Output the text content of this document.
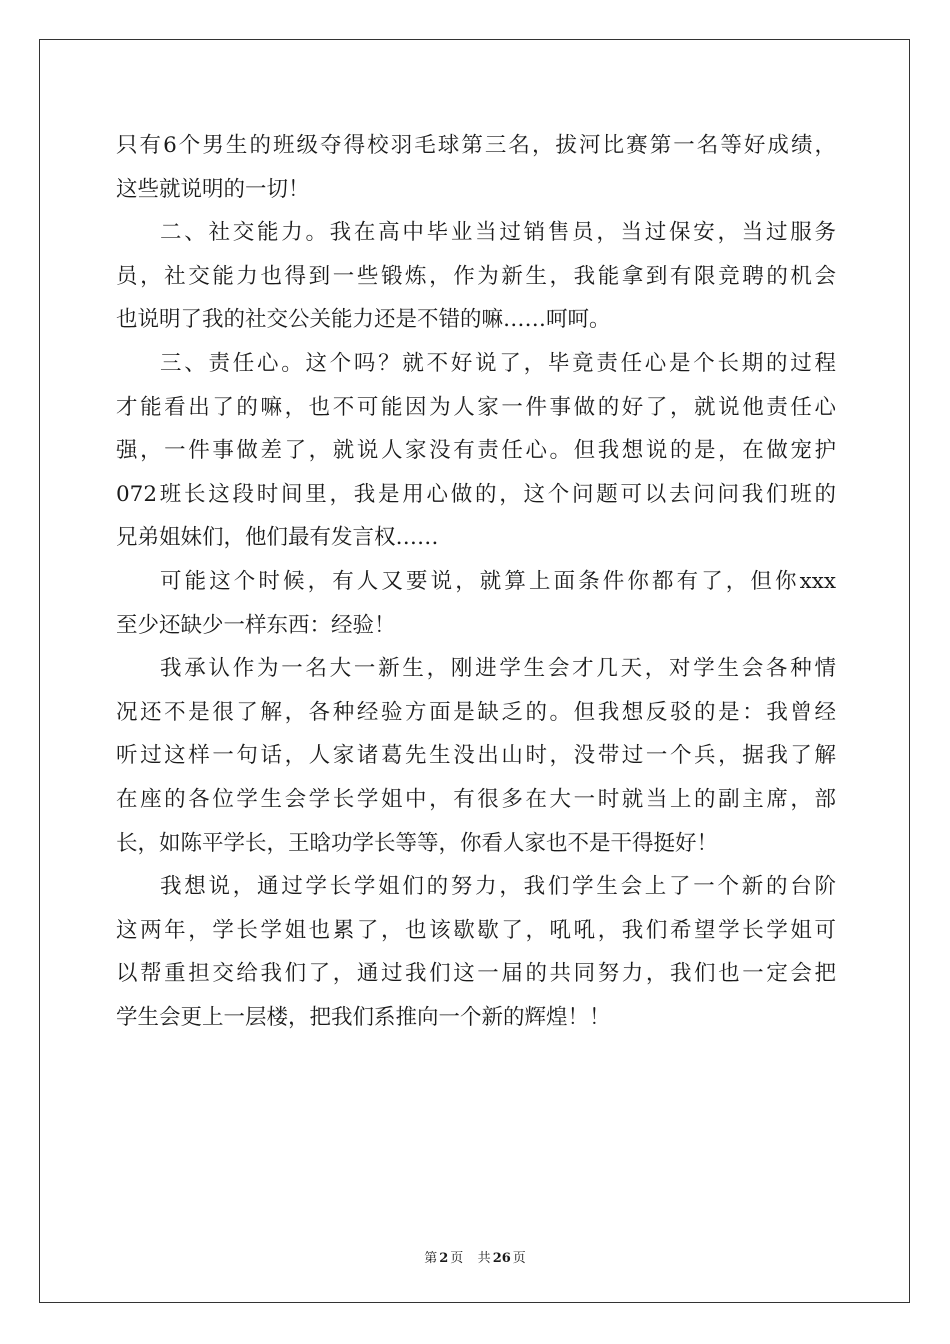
只有6个男生的班级夺得校羽毛球第三名，拔河比赛第一名等好成绩，
这些就说明的一切！
二、社交能力。我在高中毕业当过销售员，当过保安，当过服务
员，社交能力也得到一些锻炼，作为新生，我能拿到有限竞聘的机会
也说明了我的社交公关能力还是不错的嘛……呵呵。
三、责任心。这个吗？就不好说了，毕竟责任心是个长期的过程
才能看出了的嘛，也不可能因为人家一件事做的好了，就说他责任心
强，一件事做差了，就说人家没有责任心。但我想说的是，在做宠护
072班长这段时间里，我是用心做的，这个问题可以去问问我们班的
兄弟姐妹们，他们最有发言权……
可能这个时候，有人又要说，就算上面条件你都有了，但你xxx
至少还缺少一样东西：经验！
我承认作为一名大一新生，刚进学生会才几天，对学生会各种情
况还不是很了解，各种经验方面是缺乏的。但我想反驳的是：我曾经
听过这样一句话，人家诸葛先生没出山时，没带过一个兵，据我了解
在座的各位学生会学长学姐中，有很多在大一时就当上的副主席，部
长，如陈平学长，王晗功学长等等，你看人家也不是干得挺好！
我想说，通过学长学姐们的努力，我们学生会上了一个新的台阶
这两年，学长学姐也累了，也该歇歇了，吼吼，我们希望学长学姐可
以帮重担交给我们了，通过我们这一届的共同努力，我们也一定会把
学生会更上一层楼，把我们系推向一个新的辉煌！！
第 2 页 共 26 页
